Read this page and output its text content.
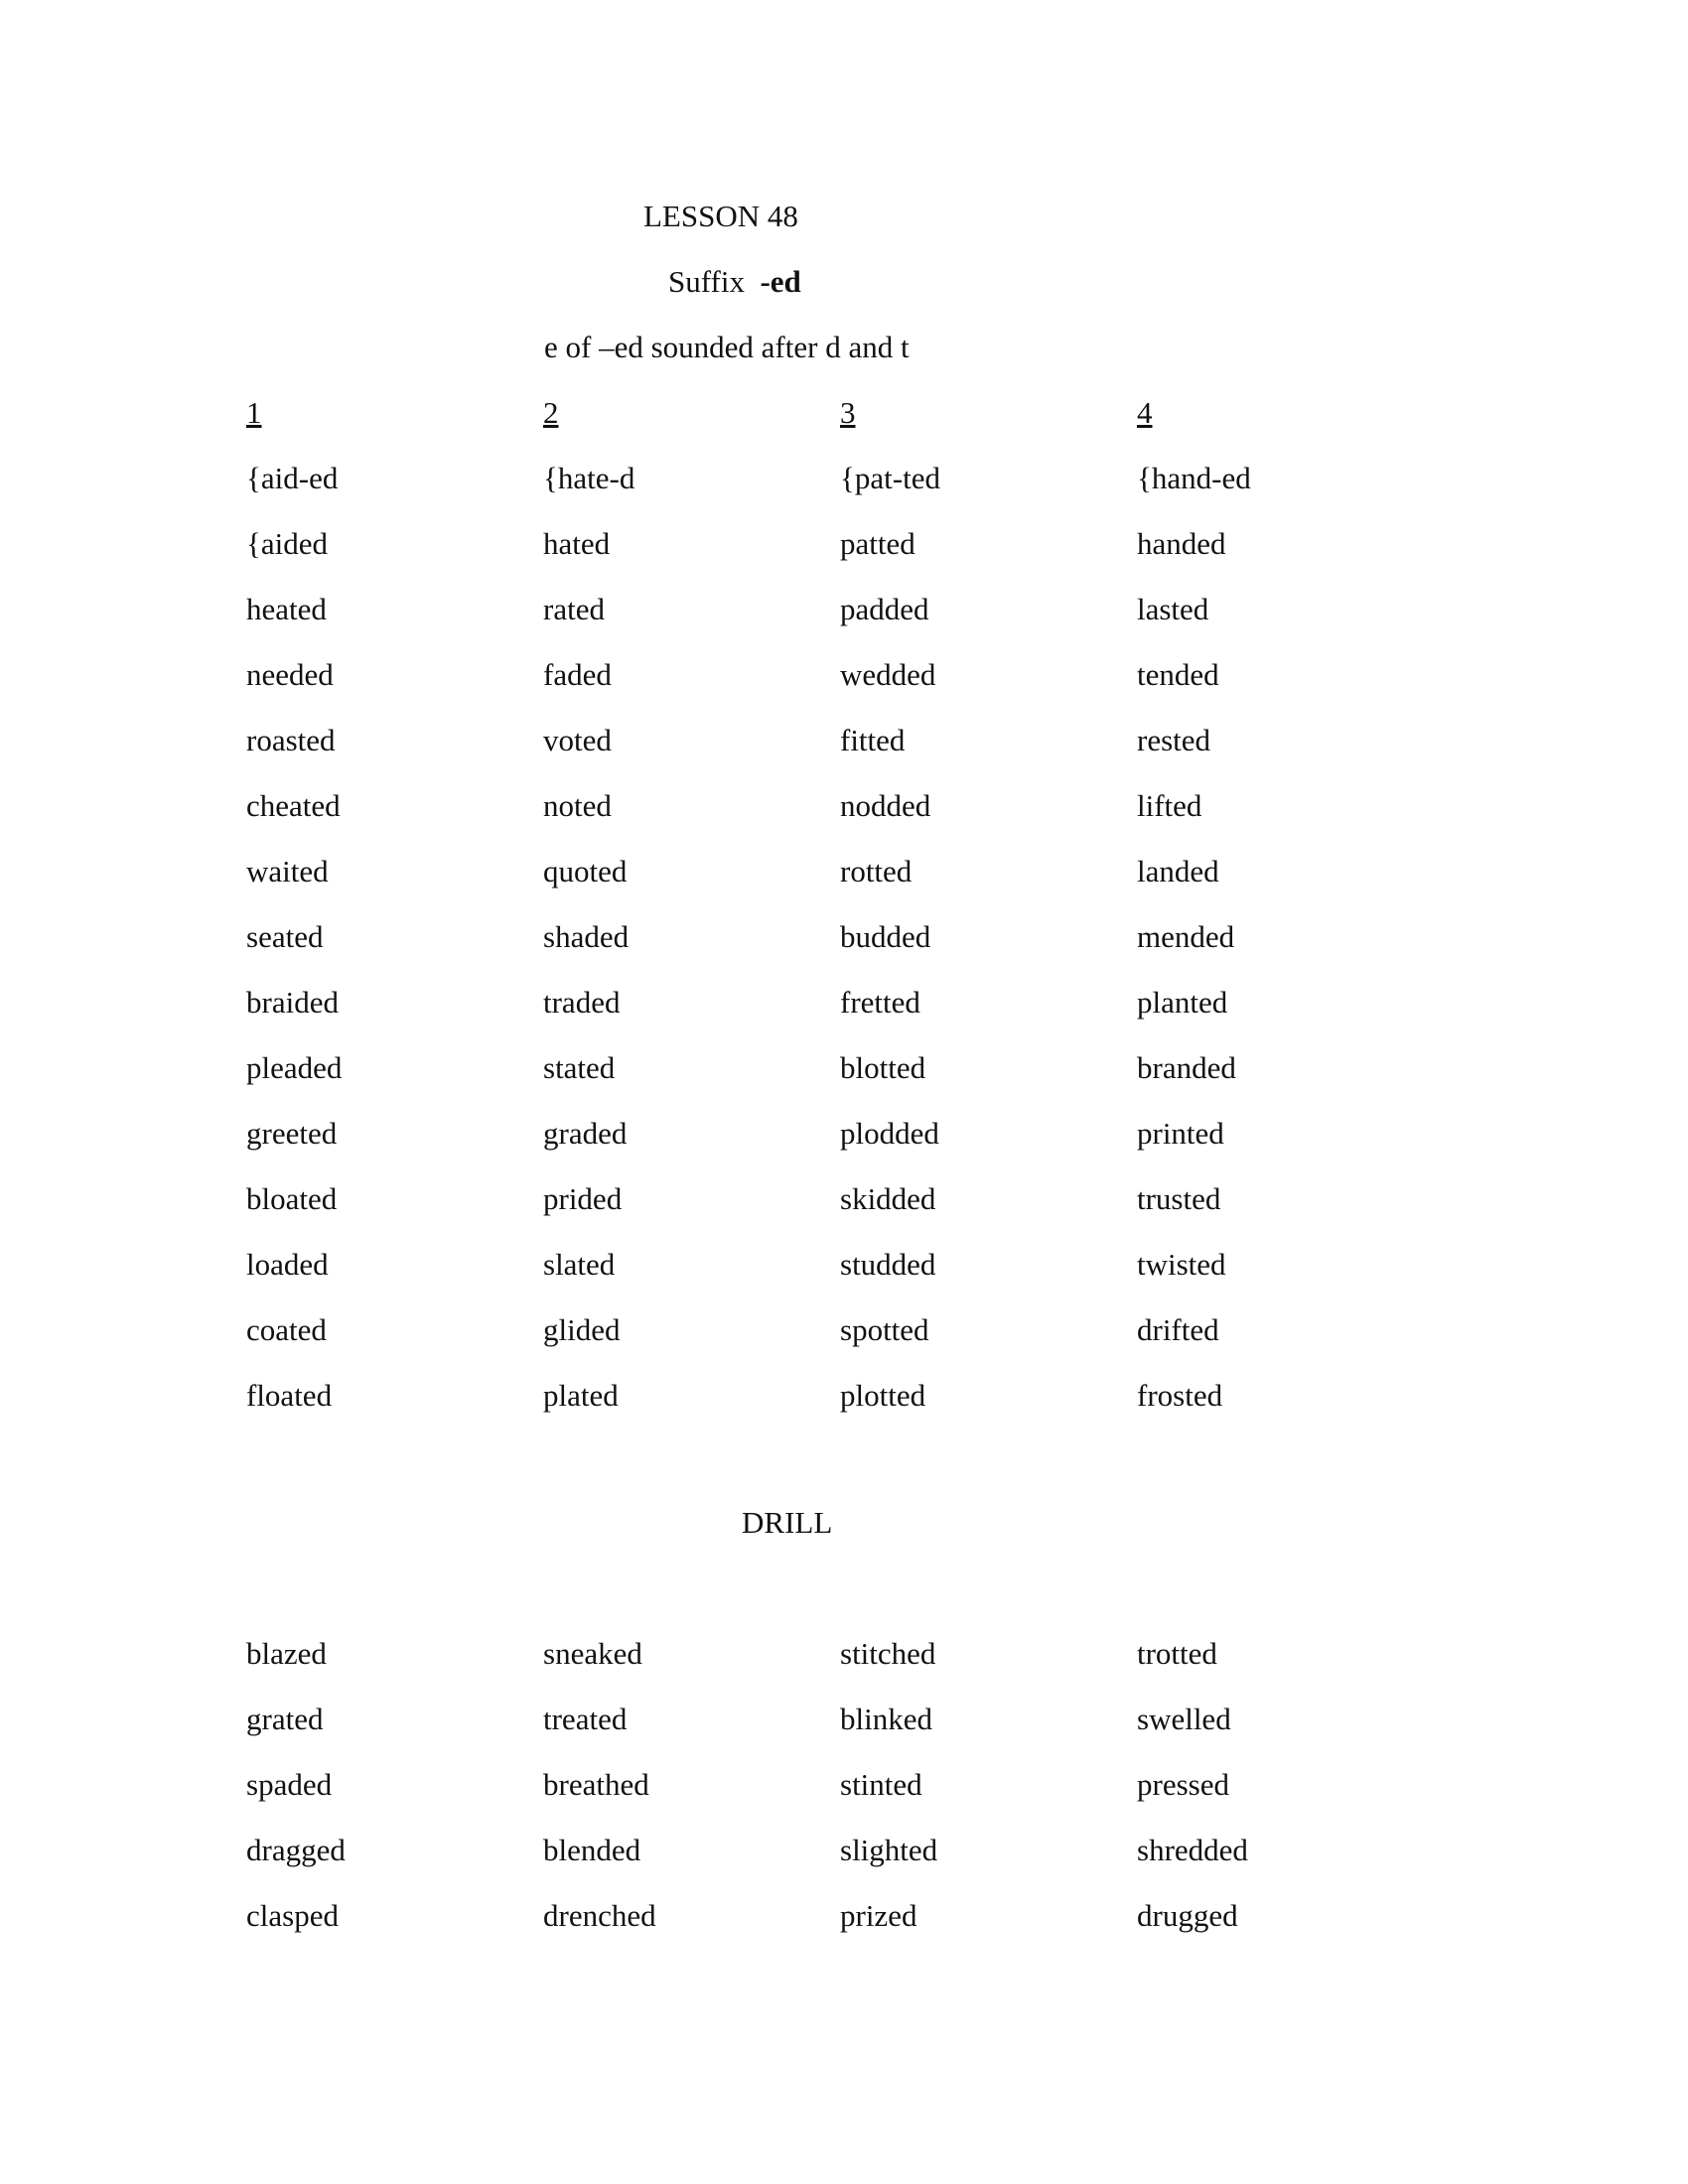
LESSON 48
Suffix  -ed
e of –ed sounded after d and t
1	2	3	4
{aid-ed	{hate-d	{pat-ted	{hand-ed
{aided	hated	patted	handed
heated	rated	padded	lasted
needed	faded	wedded	tended
roasted	voted	fitted	rested
cheated	noted	nodded	lifted
waited	quoted	rotted	landed
seated	shaded	budded	mended
braided	traded	fretted	planted
pleaded	stated	blotted	branded
greeted	graded	plodded	printed
bloated	prided	skidded	trusted
loaded	slated	studded	twisted
coated	glided	spotted	drifted
floated	plated	plotted	frosted
DRILL
blazed	sneaked	stitched	trotted
grated	treated	blinked	swelled
spaded	breathed	stinted	pressed
dragged	blended	slighted	shredded
clasped	drenched	prized	drugged
